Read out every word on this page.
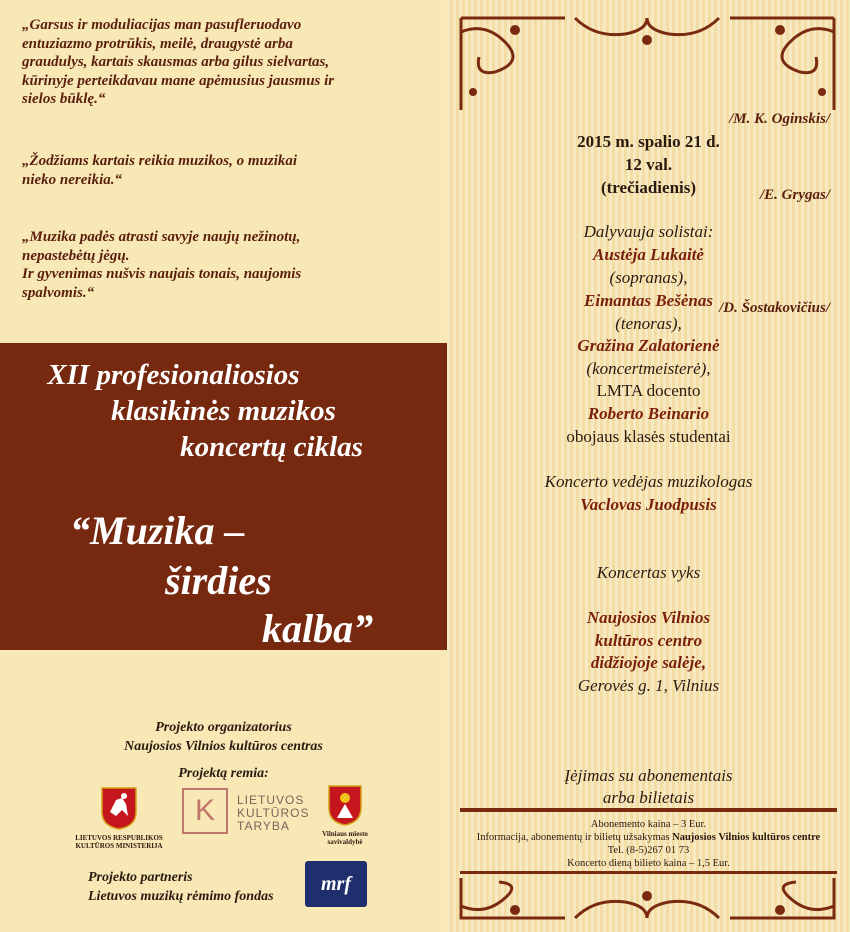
„Garsus ir moduliacijas man pasufleruodavo
entuziazmo protrūkis, meilė, draugystė arba
graudulys, kartais skausmas arba gilus sielvartas,
kūrinyje perteikdavau mane apėmusius jausmus ir
sielos būklę.“
/M. K. Oginskis/
„Žodžiams kartais reikia muzikos, o muzikai
nieko nereikia.“
/E. Grygas/
„Muzika padės atrasti savyje naujų nežinotų,
nepastebėtų jėgų.
Ir gyvenimas nušvis naujais tonais, naujomis
spalvomis.“
/D. Šostakovičius/
XII profesionaliosios
klasikinės muzikos
koncertų ciklas
“Muzika –
širdies
kalba”
Projekto organizatorius
Naujosios Vilnios kultūros centras
Projektą remia:
LIETUVOS RESPUBLIKOS
KULTŪROS MINISTERIJA
K	LIETUVOS
KULTŪROS
TARYBA
Vilniaus miesto
savivaldybė
Projekto partneris
Lietuvos muzikų rėmimo fondas
mrf
2015 m. spalio 21 d.
12 val.
(trečiadienis)
Dalyvauja solistai:
Austėja Lukaitė
(sopranas),
Eimantas Bešėnas
(tenoras),
Gražina Zalatorienė
(koncertmeisterė),
LMTA docento
Roberto Beinario
obojaus klasės studentai
Koncerto vedėjas muzikologas
Vaclovas Juodpusis
Koncertas vyks
Naujosios Vilnios
kultūros centro
didžiojoje salėje,
Gerovės g. 1, Vilnius
Įėjimas su abonementais
arba bilietais
Abonemento kaina – 3 Eur.
Informacija, abonementų ir bilietų užsakymas Naujosios Vilnios kultūros centre
Tel. (8-5)267 01 73
Koncerto dieną bilieto kaina – 1,5 Eur.
